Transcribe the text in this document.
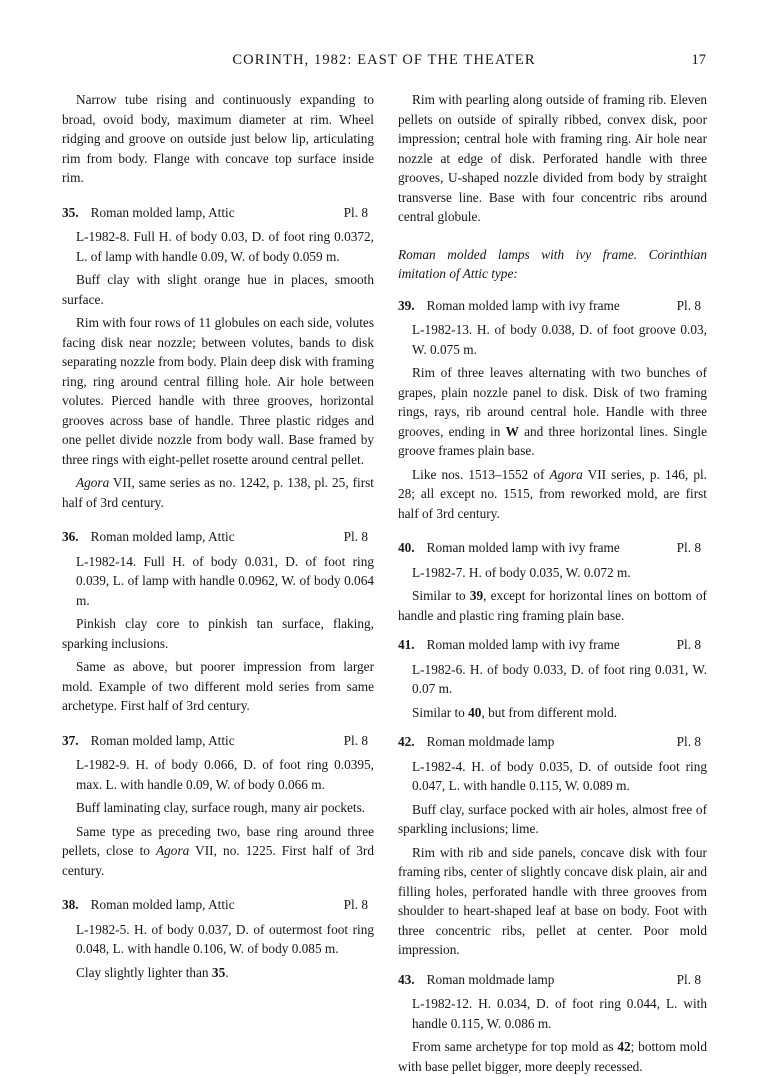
CORINTH, 1982: EAST OF THE THEATER	17

Narrow tube rising and continuously expanding to broad, ovoid body, maximum diameter at rim. Wheel ridging and groove on outside just below lip, articulating rim from body. Flange with concave top surface inside rim.

35. Roman molded lamp, Attic	Pl. 8

L-1982-8. Full H. of body 0.03, D. of foot ring 0.0372, L. of lamp with handle 0.09, W. of body 0.059 m.

Buff clay with slight orange hue in places, smooth surface.

Rim with four rows of 11 globules on each side, volutes facing disk near nozzle; between volutes, bands to disk separating nozzle from body. Plain deep disk with framing ring, ring around central filling hole. Air hole between volutes. Pierced handle with three grooves, horizontal grooves across base of handle. Three plastic ridges and one pellet divide nozzle from body wall. Base framed by three rings with eight-pellet rosette around central pellet.

Agora VII, same series as no. 1242, p. 138, pl. 25, first half of 3rd century.

36. Roman molded lamp, Attic	Pl. 8

L-1982-14. Full H. of body 0.031, D. of foot ring 0.039, L. of lamp with handle 0.0962, W. of body 0.064 m.

Pinkish clay core to pinkish tan surface, flaking, sparking inclusions.

Same as above, but poorer impression from larger mold. Example of two different mold series from same archetype. First half of 3rd century.

37. Roman molded lamp, Attic	Pl. 8

L-1982-9. H. of body 0.066, D. of foot ring 0.0395, max. L. with handle 0.09, W. of body 0.066 m.

Buff laminating clay, surface rough, many air pockets.

Same type as preceding two, base ring around three pellets, close to Agora VII, no. 1225. First half of 3rd century.

38. Roman molded lamp, Attic	Pl. 8

L-1982-5. H. of body 0.037, D. of outermost foot ring 0.048, L. with handle 0.106, W. of body 0.085 m.

Clay slightly lighter than 35.

Rim with pearling along outside of framing rib. Eleven pellets on outside of spirally ribbed, convex disk, poor impression; central hole with framing ring. Air hole near nozzle at edge of disk. Perforated handle with three grooves, U-shaped nozzle divided from body by straight transverse line. Base with four concentric ribs around central globule.

Roman molded lamps with ivy frame. Corinthian imitation of Attic type:

39. Roman molded lamp with ivy frame	Pl. 8

L-1982-13. H. of body 0.038, D. of foot groove 0.03, W. 0.075 m.

Rim of three leaves alternating with two bunches of grapes, plain nozzle panel to disk. Disk of two framing rings, rays, rib around central hole. Handle with three grooves, ending in W and three horizontal lines. Single groove frames plain base.

Like nos. 1513–1552 of Agora VII series, p. 146, pl. 28; all except no. 1515, from reworked mold, are first half of 3rd century.

40. Roman molded lamp with ivy frame	Pl. 8

L-1982-7. H. of body 0.035, W. 0.072 m.

Similar to 39, except for horizontal lines on bottom of handle and plastic ring framing plain base.

41. Roman molded lamp with ivy frame	Pl. 8

L-1982-6. H. of body 0.033, D. of foot ring 0.031, W. 0.07 m.

Similar to 40, but from different mold.

42. Roman moldmade lamp	Pl. 8

L-1982-4. H. of body 0.035, D. of outside foot ring 0.047, L. with handle 0.115, W. 0.089 m.

Buff clay, surface pocked with air holes, almost free of sparkling inclusions; lime.

Rim with rib and side panels, concave disk with four framing ribs, center of slightly concave disk plain, air and filling holes, perforated handle with three grooves from shoulder to heart-shaped leaf at base on body. Foot with three concentric ribs, pellet at center. Poor mold impression.

43. Roman moldmade lamp	Pl. 8

L-1982-12. H. 0.034, D. of foot ring 0.044, L. with handle 0.115, W. 0.086 m.

From same archetype for top mold as 42; bottom mold with base pellet bigger, more deeply recessed.
